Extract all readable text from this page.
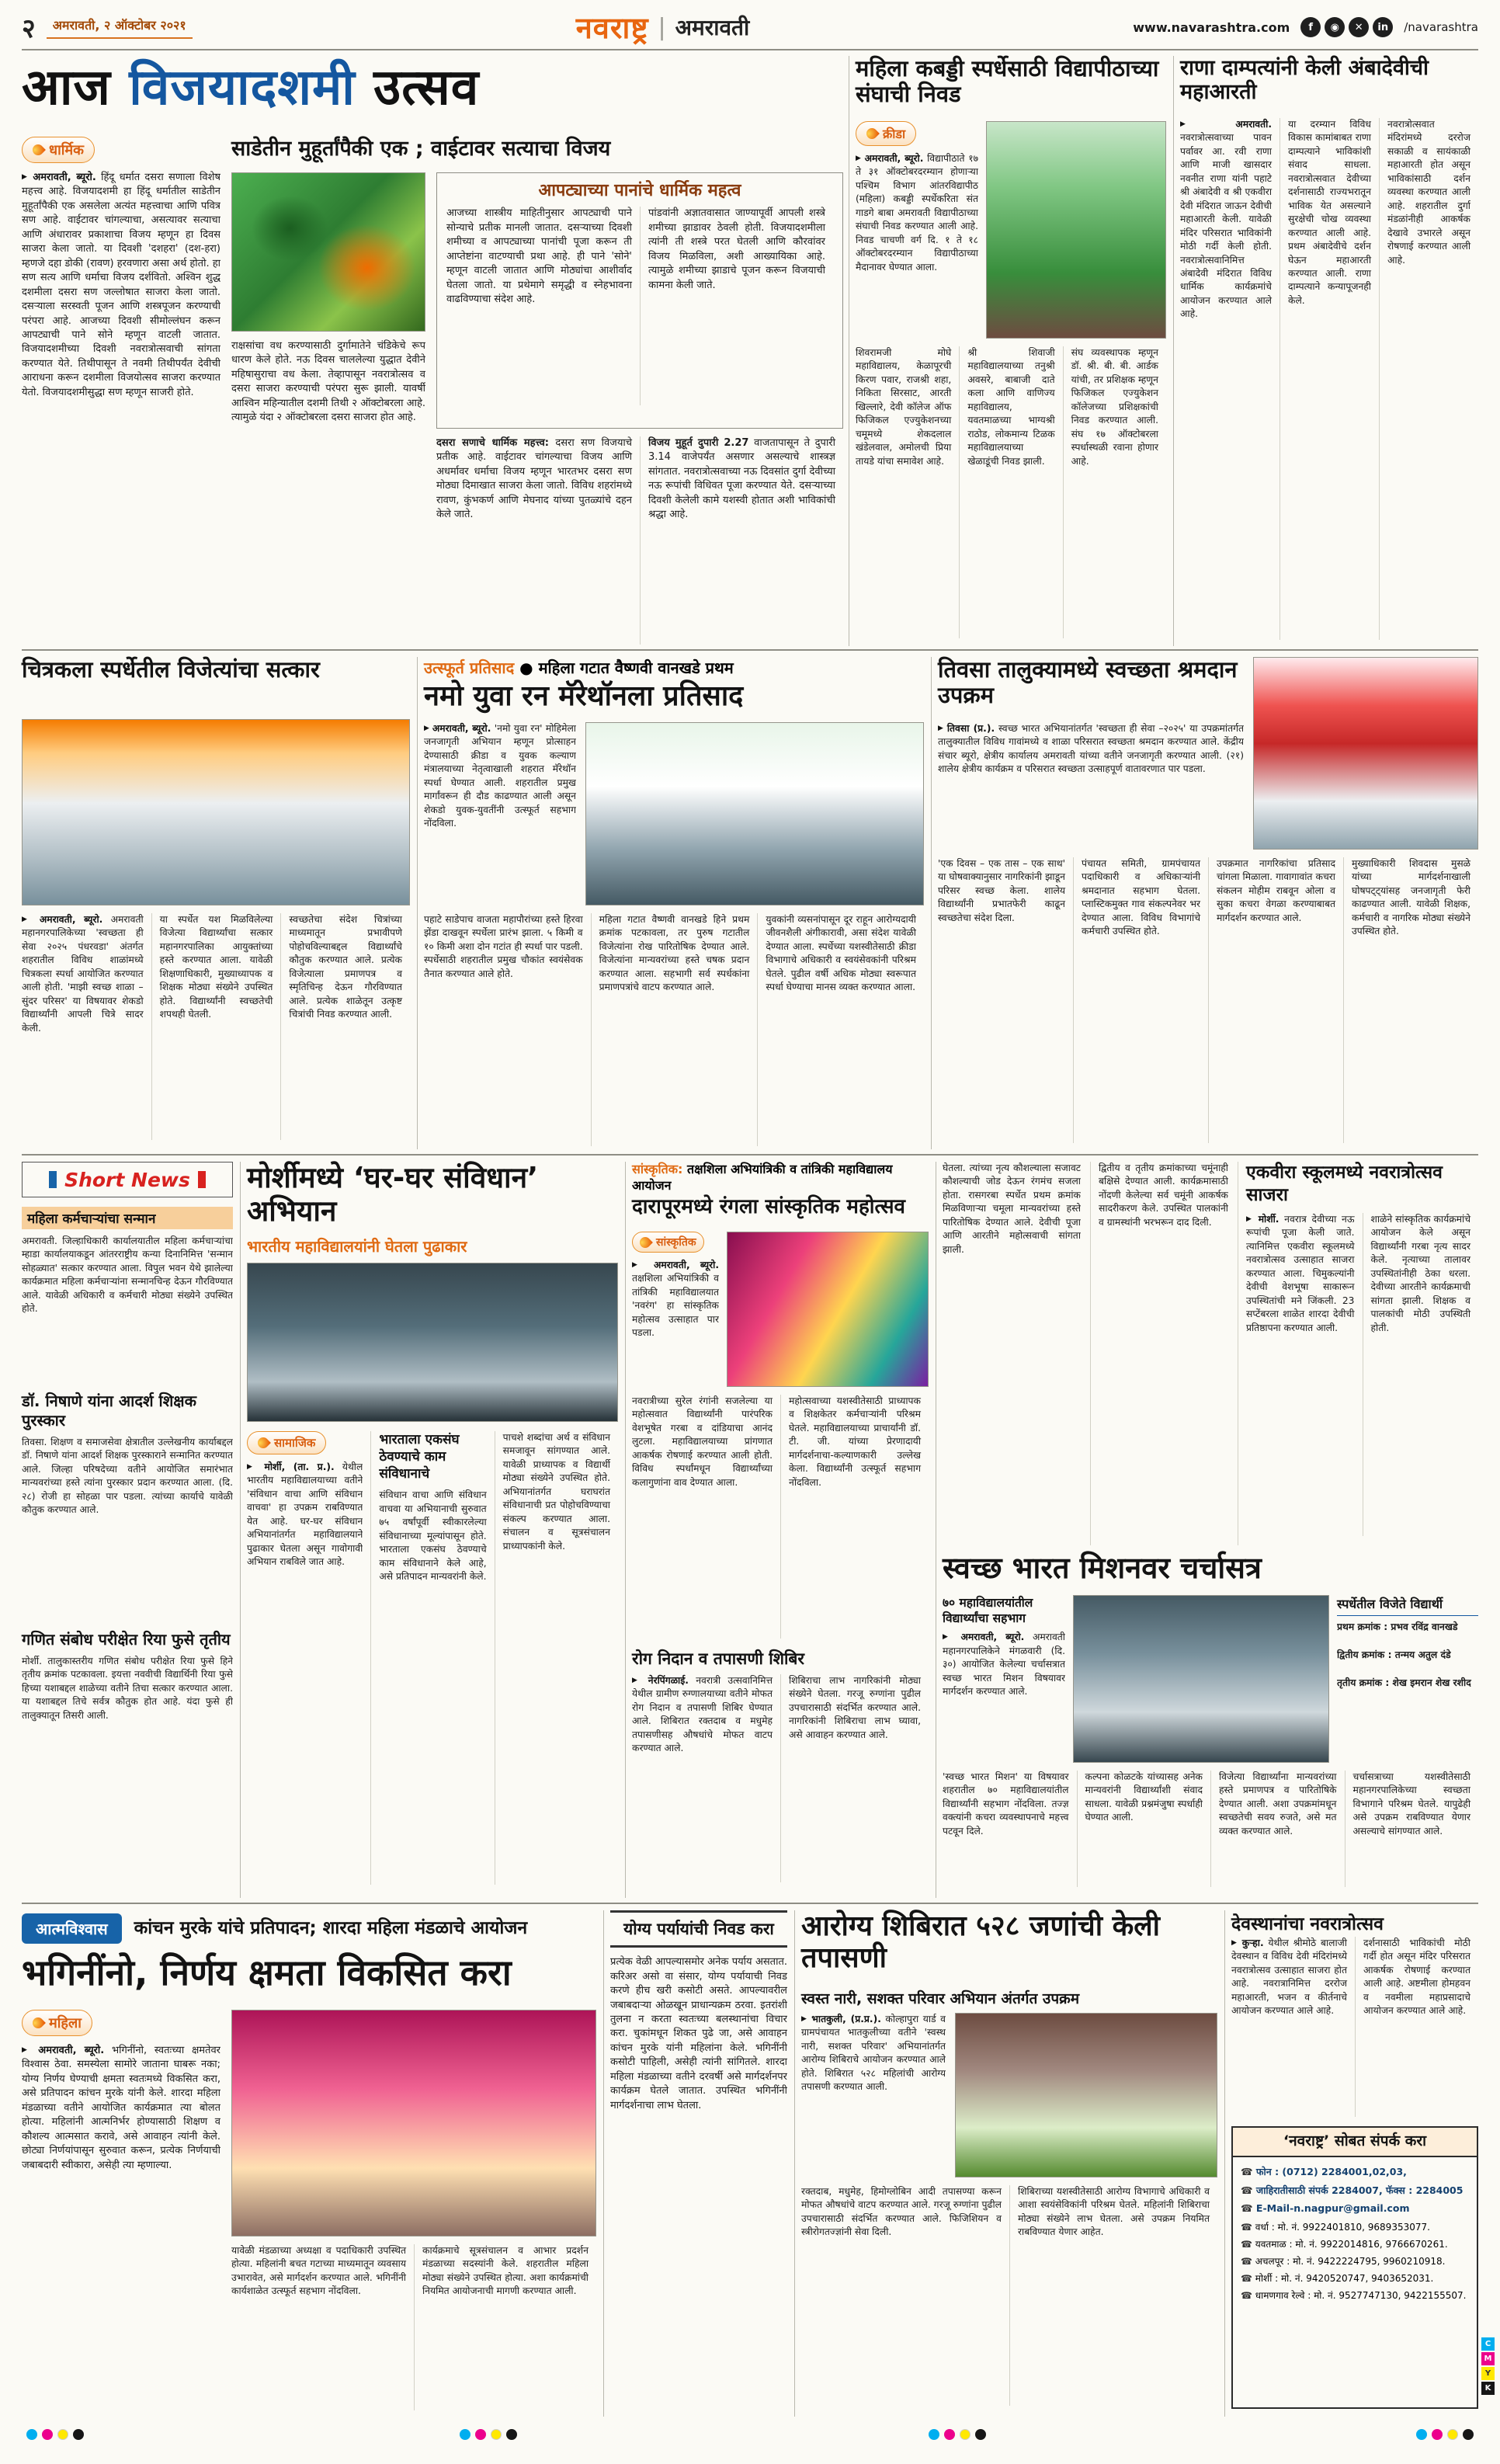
२	अमरावती, २ ऑक्टोबर २०२१	नवराष्ट्र | अमरावती	www.navarashtra.com	f	◉	✕	in	/navarashtra
आज विजयादशमी उत्सव
धार्मिक
▶ अमरावती, ब्यूरो. हिंदू धर्मात दसरा सणाला विशेष महत्त्व आहे. विजयादशमी हा हिंदू धर्मातील साडेतीन मुहूर्तांपैकी एक असलेला अत्यंत महत्त्वाचा आणि पवित्र सण आहे. वाईटावर चांगल्याचा, असत्यावर सत्याचा आणि अंधारावर प्रकाशाचा विजय म्हणून हा दिवस साजरा केला जातो. या दिवशी 'दशहरा' (दश-हरा) म्हणजे दहा डोकी (रावण) हरवणारा असा अर्थ होतो. हा सण सत्य आणि धर्माचा विजय दर्शवितो. अश्विन शुद्ध दशमीला दसरा सण जल्लोषात साजरा केला जातो. दसऱ्याला सरस्वती पूजन आणि शस्त्रपूजन करण्याची परंपरा आहे. आजच्या दिवशी सीमोल्लंघन करून आपट्याची पाने सोने म्हणून वाटली जातात. विजयादशमीच्या दिवशी नवरात्रोत्सवाची सांगता करण्यात येते. तिथीपासून ते नवमी तिथीपर्यंत देवीची आराधना करून दशमीला विजयोत्सव साजरा करण्यात येतो. विजयादशमीसुद्धा सण म्हणून साजरी होते.
साडेतीन मुहूर्तांपैकी एक ; वाईटावर सत्याचा विजय
राक्षसांचा वध करण्यासाठी दुर्गामातेने चंडिकेचे रूप धारण केले होते. नऊ दिवस चाललेल्या युद्धात देवीने महिषासुराचा वध केला. तेव्हापासून नवरात्रोत्सव व दसरा साजरा करण्याची परंपरा सुरू झाली. यावर्षी आश्विन महिन्यातील दशमी तिथी २ ऑक्टोबरला आहे. त्यामुळे यंदा २ ऑक्टोबरला दसरा साजरा होत आहे.
आपट्याच्या पानांचे धार्मिक महत्व
आजच्या शास्त्रीय माहितीनुसार आपट्याची पाने सोन्याचे प्रतीक मानली जातात. दसऱ्याच्या दिवशी शमीच्या व आपट्याच्या पानांची पूजा करून ती आप्तेष्टांना वाटण्याची प्रथा आहे. ही पाने 'सोने' म्हणून वाटली जातात आणि मोठ्यांचा आशीर्वाद घेतला जातो. या प्रथेमागे समृद्धी व स्नेहभावना वाढविण्याचा संदेश आहे.
पांडवांनी अज्ञातवासात जाण्यापूर्वी आपली शस्त्रे शमीच्या झाडावर ठेवली होती. विजयादशमीला त्यांनी ती शस्त्रे परत घेतली आणि कौरवांवर विजय मिळविला, अशी आख्यायिका आहे. त्यामुळे शमीच्या झाडाचे पूजन करून विजयाची कामना केली जाते.
दसरा सणाचे धार्मिक महत्त्व: दसरा सण विजयाचे प्रतीक आहे. वाईटावर चांगल्याचा विजय आणि अधर्मावर धर्माचा विजय म्हणून भारतभर दसरा सण मोठ्या दिमाखात साजरा केला जातो. विविध शहरांमध्ये रावण, कुंभकर्ण आणि मेघनाद यांच्या पुतळ्यांचे दहन केले जाते.
विजय मुहूर्त दुपारी 2.27 वाजतापासून ते दुपारी 3.14 वाजेपर्यंत असणार असल्याचे शास्त्रज्ञ सांगतात. नवरात्रोत्सवाच्या नऊ दिवसांत दुर्गा देवीच्या नऊ रूपांची विधिवत पूजा करण्यात येते. दसऱ्याच्या दिवशी केलेली कामे यशस्वी होतात अशी भाविकांची श्रद्धा आहे.
महिला कबड्डी स्पर्धेसाठी विद्यापीठाच्या संघाची निवड
क्रीडा
▶ अमरावती, ब्यूरो. विद्यापीठाते १७ ते ३१ ऑक्टोबरदरम्यान होणाऱ्या पश्चिम विभाग आंतरविद्यापीठ (महिला) कबड्डी स्पर्धेकरिता संत गाडगे बाबा अमरावती विद्यापीठाच्या संघाची निवड करण्यात आली आहे. निवड चाचणी वर्ग दि. १ ते १८ ऑक्टोबरदरम्यान विद्यापीठाच्या मैदानावर घेण्यात आला.
शिवरामजी मोघे महाविद्यालय, केळापूरची किरण पवार, राजश्री शहा, निकिता सिरसाट, आरती खिल्लारे, देवी कॉलेज ऑफ फिजिकल एज्युकेशनच्या चमूमध्ये शेकदलाल खंडेलवाल, अमोलची प्रिया तायडे यांचा समावेश आहे.
श्री शिवाजी महाविद्यालयाच्या तनुश्री अवसरे, बाबाजी दाते कला आणि वाणिज्य महाविद्यालय, यवतमाळच्या भाग्यश्री राठोड, लोकमान्य टिळक महाविद्यालयाच्या खेळाडूंची निवड झाली.
संघ व्यवस्थापक म्हणून डॉ. श्री. बी. बी. आर्डक यांची, तर प्रशिक्षक म्हणून फिजिकल एज्युकेशन कॉलेजच्या प्रशिक्षकांची निवड करण्यात आली. संघ १७ ऑक्टोबरला स्पर्धास्थळी रवाना होणार आहे.
राणा दाम्पत्यांनी केली अंबादेवीची महाआरती
▶ अमरावती. नवरात्रोत्सवाच्या पावन पर्वावर आ. रवी राणा आणि माजी खासदार नवनीत राणा यांनी पहाटे श्री अंबादेवी व श्री एकवीरा देवी मंदिरात जाऊन देवीची महाआरती केली. यावेळी मंदिर परिसरात भाविकांनी मोठी गर्दी केली होती. नवरात्रोत्सवानिमित्त अंबादेवी मंदिरात विविध धार्मिक कार्यक्रमांचे आयोजन करण्यात आले आहे.
या दरम्यान विविध विकास कामांबाबत राणा दाम्पत्याने भाविकांशी संवाद साधला. नवरात्रोत्सवात देवीच्या दर्शनासाठी राज्यभरातून भाविक येत असल्याने सुरक्षेची चोख व्यवस्था करण्यात आली आहे. प्रथम अंबादेवीचे दर्शन घेऊन महाआरती करण्यात आली. राणा दाम्पत्याने कन्यापूजनही केले.
नवरात्रोत्सवात मंदिरांमध्ये दररोज सकाळी व सायंकाळी महाआरती होत असून भाविकांसाठी दर्शन व्यवस्था करण्यात आली आहे. शहरातील दुर्गा मंडळांनीही आकर्षक देखावे उभारले असून रोषणाई करण्यात आली आहे.
चित्रकला स्पर्धेतील विजेत्यांचा सत्कार
▶ अमरावती, ब्यूरो. अमरावती महानगरपालिकेच्या 'स्वच्छता ही सेवा २०२५ पंधरवडा' अंतर्गत शहरातील विविध शाळांमध्ये चित्रकला स्पर्धा आयोजित करण्यात आली होती. 'माझी स्वच्छ शाळा – सुंदर परिसर' या विषयावर शेकडो विद्यार्थ्यांनी आपली चित्रे सादर केली.
या स्पर्धेत यश मिळविलेल्या विजेत्या विद्यार्थ्यांचा सत्कार महानगरपालिका आयुक्तांच्या हस्ते करण्यात आला. यावेळी शिक्षणाधिकारी, मुख्याध्यापक व शिक्षक मोठ्या संख्येने उपस्थित होते. विद्यार्थ्यांनी स्वच्छतेची शपथही घेतली.
स्वच्छतेचा संदेश चित्रांच्या माध्यमातून प्रभावीपणे पोहोचविल्याबद्दल विद्यार्थ्यांचे कौतुक करण्यात आले. प्रत्येक विजेत्याला प्रमाणपत्र व स्मृतिचिन्ह देऊन गौरविण्यात आले. प्रत्येक शाळेतून उत्कृष्ट चित्रांची निवड करण्यात आली.
उत्स्फूर्त प्रतिसाद ● महिला गटात वैष्णवी वानखडे प्रथम
नमो युवा रन मॅरेथॉनला प्रतिसाद
▶ अमरावती, ब्यूरो. 'नमो युवा रन' मोहिमेला जनजागृती अभियान म्हणून प्रोत्साहन देण्यासाठी क्रीडा व युवक कल्याण मंत्रालयाच्या नेतृत्वाखाली शहरात मॅरेथॉन स्पर्धा घेण्यात आली. शहरातील प्रमुख मार्गांवरून ही दौड काढण्यात आली असून शेकडो युवक-युवतींनी उत्स्फूर्त सहभाग नोंदविला.
पहाटे साडेपाच वाजता महापौरांच्या हस्ते हिरवा झेंडा दाखवून स्पर्धेला प्रारंभ झाला. ५ किमी व १० किमी अशा दोन गटांत ही स्पर्धा पार पडली. स्पर्धेसाठी शहरातील प्रमुख चौकांत स्वयंसेवक तैनात करण्यात आले होते.
महिला गटात वैष्णवी वानखडे हिने प्रथम क्रमांक पटकावला, तर पुरुष गटातील विजेत्यांना रोख पारितोषिक देण्यात आले. विजेत्यांना मान्यवरांच्या हस्ते चषक प्रदान करण्यात आला. सहभागी सर्व स्पर्धकांना प्रमाणपत्रांचे वाटप करण्यात आले.
युवकांनी व्यसनांपासून दूर राहून आरोग्यदायी जीवनशैली अंगीकारावी, असा संदेश यावेळी देण्यात आला. स्पर्धेच्या यशस्वीतेसाठी क्रीडा विभागाचे अधिकारी व स्वयंसेवकांनी परिश्रम घेतले. पुढील वर्षी अधिक मोठ्या स्वरूपात स्पर्धा घेण्याचा मानस व्यक्त करण्यात आला.
तिवसा तालुक्यामध्ये स्वच्छता श्रमदान उपक्रम
▶ तिवसा (प्र.). स्वच्छ भारत अभियानांतर्गत 'स्वच्छता ही सेवा –२०२५' या उपक्रमांतर्गत तालुक्यातील विविध गावांमध्ये व शाळा परिसरात स्वच्छता श्रमदान करण्यात आले. केंद्रीय संचार ब्यूरो, क्षेत्रीय कार्यालय अमरावती यांच्या वतीने जनजागृती करण्यात आली. (२१) शालेय क्षेत्रीय कार्यक्रम व परिसरात स्वच्छता उत्साहपूर्ण वातावरणात पार पडला.
'एक दिवस – एक तास – एक साथ' या घोषवाक्यानुसार नागरिकांनी झाडून परिसर स्वच्छ केला. शालेय विद्यार्थ्यांनी प्रभातफेरी काढून स्वच्छतेचा संदेश दिला.
पंचायत समिती, ग्रामपंचायत पदाधिकारी व अधिकाऱ्यांनी श्रमदानात सहभाग घेतला. प्लास्टिकमुक्त गाव संकल्पनेवर भर देण्यात आला. विविध विभागांचे कर्मचारी उपस्थित होते.
उपक्रमात नागरिकांचा प्रतिसाद चांगला मिळाला. गावागावांत कचरा संकलन मोहीम राबवून ओला व सुका कचरा वेगळा करण्याबाबत मार्गदर्शन करण्यात आले.
मुख्याधिकारी शिवदास मुसळे यांच्या मार्गदर्शनाखाली घोषपट्ट्यांसह जनजागृती फेरी काढण्यात आली. यावेळी शिक्षक, कर्मचारी व नागरिक मोठ्या संख्येने उपस्थित होते.
Short News
महिला कर्मचाऱ्यांचा सन्मान
अमरावती. जिल्हाधिकारी कार्यालयातील महिला कर्मचाऱ्यांचा म्हाडा कार्यालयाकडून आंतरराष्ट्रीय कन्या दिनानिमित्त 'सन्मान सोहळ्यात' सत्कार करण्यात आला. विपुल भवन येथे झालेल्या कार्यक्रमात महिला कर्मचाऱ्यांना सन्मानचिन्ह देऊन गौरविण्यात आले. यावेळी अधिकारी व कर्मचारी मोठ्या संख्येने उपस्थित होते.
डॉ. निषाणे यांना आदर्श शिक्षक पुरस्कार
तिवसा. शिक्षण व समाजसेवा क्षेत्रातील उल्लेखनीय कार्याबद्दल डॉ. निषाणे यांना आदर्श शिक्षक पुरस्काराने सन्मानित करण्यात आले. जिल्हा परिषदेच्या वतीने आयोजित समारंभात मान्यवरांच्या हस्ते त्यांना पुरस्कार प्रदान करण्यात आला. (दि. २८) रोजी हा सोहळा पार पडला. त्यांच्या कार्याचे यावेळी कौतुक करण्यात आले.
गणित संबोध परीक्षेत रिया फुसे तृतीय
मोर्शी. तालुकास्तरीय गणित संबोध परीक्षेत रिया फुसे हिने तृतीय क्रमांक पटकावला. इयत्ता नववीची विद्यार्थिनी रिया फुसे हिच्या यशाबद्दल शाळेच्या वतीने तिचा सत्कार करण्यात आला. या यशाबद्दल तिचे सर्वत्र कौतुक होत आहे. यंदा फुसे ही तालुक्यातून तिसरी आली.
मोर्शीमध्ये ‘घर-घर संविधान’ अभियान
भारतीय महाविद्यालयांनी घेतला पुढाकार
सामाजिक
▶ मोर्शी, (ता. प्र.). येथील भारतीय महाविद्यालयाच्या वतीने 'संविधान वाचा आणि संविधान वाचवा' हा उपक्रम राबविण्यात येत आहे. घर-घर संविधान अभियानांतर्गत महाविद्यालयाने पुढाकार घेतला असून गावोगावी अभियान राबविले जात आहे.
भारताला एकसंघ ठेवण्याचे काम संविधानाचे
संविधान वाचा आणि संविधान वाचवा या अभियानाची सुरुवात ७५ वर्षांपूर्वी स्वीकारलेल्या संविधानाच्या मूल्यांपासून होते. भारताला एकसंघ ठेवण्याचे काम संविधानाने केले आहे, असे प्रतिपादन मान्यवरांनी केले.
पाचशे शब्दांचा अर्थ व संविधान समजावून सांगण्यात आले. यावेळी प्राध्यापक व विद्यार्थी मोठ्या संख्येने उपस्थित होते. अभियानांतर्गत घराघरांत संविधानाची प्रत पोहोचविण्याचा संकल्प करण्यात आला. संचालन व सूत्रसंचालन प्राध्यापकांनी केले.
सांस्कृतिक: तक्षशिला अभियांत्रिकी व तांत्रिकी महाविद्यालय आयोजन
दारापूरमध्ये रंगला सांस्कृतिक महोत्सव
सांस्कृतिक
▶ अमरावती, ब्यूरो. तक्षशिला अभियांत्रिकी व तांत्रिकी महाविद्यालयात 'नवरंग' हा सांस्कृतिक महोत्सव उत्साहात पार पडला.
नवरात्रीच्या सुरेल रंगांनी सजलेल्या या महोत्सवात विद्यार्थ्यांनी पारंपरिक वेशभूषेत गरबा व दांडियाचा आनंद लुटला. महाविद्यालयाच्या प्रांगणात आकर्षक रोषणाई करण्यात आली होती. विविध स्पर्धांमधून विद्यार्थ्यांच्या कलागुणांना वाव देण्यात आला.
महोत्सवाच्या यशस्वीतेसाठी प्राध्यापक व शिक्षकेतर कर्मचाऱ्यांनी परिश्रम घेतले. महाविद्यालयाच्या प्राचार्यांनी डॉ. टी. जी. यांच्या प्रेरणादायी मार्गदर्शनाचा-कल्याणकारी उल्लेख केला. विद्यार्थ्यांनी उत्स्फूर्त सहभाग नोंदविला.
रोग निदान व तपासणी शिबिर
▶ नेरपिंगळाई. नवरात्री उत्सवानिमित्त येथील ग्रामीण रुग्णालयाच्या वतीने मोफत रोग निदान व तपासणी शिबिर घेण्यात आले. शिबिरात रक्तदाब व मधुमेह तपासणीसह औषधांचे मोफत वाटप करण्यात आले.
शिबिराचा लाभ नागरिकांनी मोठ्या संख्येने घेतला. गरजू रुग्णांना पुढील उपचारासाठी संदर्भित करण्यात आले. नागरिकांनी शिबिराचा लाभ घ्यावा, असे आवाहन करण्यात आले.
घेतला. त्यांच्या नृत्य कौशल्याला सजावट कौशल्याची जोड देऊन रंगमंच सजला होता. रासगरबा स्पर्धेत प्रथम क्रमांक मिळविणाऱ्या चमूला मान्यवरांच्या हस्ते पारितोषिक देण्यात आले. देवीची पूजा आणि आरतीने महोत्सवाची सांगता झाली.
द्वितीय व तृतीय क्रमांकाच्या चमूंनाही बक्षिसे देण्यात आली. कार्यक्रमासाठी नोंदणी केलेल्या सर्व चमूंनी आकर्षक सादरीकरण केले. उपस्थित पालकांनी व ग्रामस्थांनी भरभरून दाद दिली.
एकवीरा स्कूलमध्ये नवरात्रोत्सव साजरा
▶ मोर्शी. नवरात्र देवीच्या नऊ रूपांची पूजा केली जाते. त्यानिमित्त एकवीरा स्कूलमध्ये नवरात्रोत्सव उत्साहात साजरा करण्यात आला. चिमुकल्यांनी देवीची वेशभूषा साकारून उपस्थितांची मने जिंकली. 23 सप्टेंबरला शाळेत शारदा देवीची प्रतिष्ठापना करण्यात आली.
शाळेने सांस्कृतिक कार्यक्रमांचे आयोजन केले असून विद्यार्थ्यांनी गरबा नृत्य सादर केले. नृत्याच्या तालावर उपस्थितांनीही ठेका धरला. देवीच्या आरतीने कार्यक्रमाची सांगता झाली. शिक्षक व पालकांची मोठी उपस्थिती होती.
स्वच्छ भारत मिशनवर चर्चासत्र
७० महाविद्यालयांतील विद्यार्थ्यांचा सहभाग
▶ अमरावती, ब्यूरो. अमरावती महानगरपालिकेने मंगळवारी (दि. ३०) आयोजित केलेल्या चर्चासत्रात स्वच्छ भारत मिशन विषयावर मार्गदर्शन करण्यात आले.
स्पर्धेतील विजेते विद्यार्थी
प्रथम क्रमांक : प्रभव रविंद्र वानखडे
द्वितीय क्रमांक : तन्मय अतुल दंडे
तृतीय क्रमांक : शेख इमरान शेख रशीद
'स्वच्छ भारत मिशन' या विषयावर शहरातील ७० महाविद्यालयांतील विद्यार्थ्यांनी सहभाग नोंदविला. तज्ज्ञ वक्त्यांनी कचरा व्यवस्थापनाचे महत्त्व पटवून दिले.
कल्पना कोळटके यांच्यासह अनेक मान्यवरांनी विद्यार्थ्यांशी संवाद साधला. यावेळी प्रश्नमंजुषा स्पर्धाही घेण्यात आली.
विजेत्या विद्यार्थ्यांना मान्यवरांच्या हस्ते प्रमाणपत्र व पारितोषिके देण्यात आली. अशा उपक्रमांमधून स्वच्छतेची सवय रुजते, असे मत व्यक्त करण्यात आले.
चर्चासत्राच्या यशस्वीतेसाठी महानगरपालिकेच्या स्वच्छता विभागाने परिश्रम घेतले. यापुढेही असे उपक्रम राबविण्यात येणार असल्याचे सांगण्यात आले.
आत्मविश्वास	कांचन मुरके यांचे प्रतिपादन; शारदा महिला मंडळाचे आयोजन
भगिनींनो, निर्णय क्षमता विकसित करा
महिला
▶ अमरावती, ब्यूरो. भगिनींनो, स्वतःच्या क्षमतेवर विश्वास ठेवा. समस्येला सामोरे जाताना घाबरू नका; योग्य निर्णय घेण्याची क्षमता स्वतःमध्ये विकसित करा, असे प्रतिपादन कांचन मुरके यांनी केले. शारदा महिला मंडळाच्या वतीने आयोजित कार्यक्रमात त्या बोलत होत्या. महिलांनी आत्मनिर्भर होण्यासाठी शिक्षण व कौशल्य आत्मसात करावे, असे आवाहन त्यांनी केले. छोट्या निर्णयांपासून सुरुवात करून, प्रत्येक निर्णयाची जबाबदारी स्वीकारा, असेही त्या म्हणाल्या.
यावेळी मंडळाच्या अध्यक्षा व पदाधिकारी उपस्थित होत्या. महिलांनी बचत गटाच्या माध्यमातून व्यवसाय उभारावेत, असे मार्गदर्शन करण्यात आले. भगिनींनी कार्यशाळेत उत्स्फूर्त सहभाग नोंदविला.
कार्यक्रमाचे सूत्रसंचालन व आभार प्रदर्शन मंडळाच्या सदस्यांनी केले. शहरातील महिला मोठ्या संख्येने उपस्थित होत्या. अशा कार्यक्रमांची नियमित आयोजनाची मागणी करण्यात आली.
योग्य पर्यायांची निवड करा
प्रत्येक वेळी आपल्यासमोर अनेक पर्याय असतात. करिअर असो वा संसार, योग्य पर्यायाची निवड करणे हीच खरी कसोटी असते. आपल्यावरील जबाबदाऱ्या ओळखून प्राधान्यक्रम ठरवा. इतरांशी तुलना न करता स्वतःच्या बलस्थानांचा विचार करा. चुकांमधून शिकत पुढे जा, असे आवाहन कांचन मुरके यांनी महिलांना केले. भगिनींनी कसोटी पाहिली, असेही त्यांनी सांगितले. शारदा महिला मंडळाच्या वतीने दरवर्षी असे मार्गदर्शनपर कार्यक्रम घेतले जातात. उपस्थित भगिनींनी मार्गदर्शनाचा लाभ घेतला.
आरोग्य शिबिरात ५२८ जणांची केली तपासणी
स्वस्त नारी, सशक्त परिवार अभियान अंतर्गत उपक्रम
▶ भातकुली, (प्र.प्र.). कोल्हापुरा यार्ड व ग्रामपंचायत भातकुलीच्या वतीने 'स्वस्थ नारी, सशक्त परिवार' अभियानांतर्गत आरोग्य शिबिराचे आयोजन करण्यात आले होते. शिबिरात ५२८ महिलांची आरोग्य तपासणी करण्यात आली.
रक्तदाब, मधुमेह, हिमोग्लोबिन आदी तपासण्या करून मोफत औषधांचे वाटप करण्यात आले. गरजू रुग्णांना पुढील उपचारासाठी संदर्भित करण्यात आले. फिजिशियन व स्त्रीरोगतज्ज्ञांनी सेवा दिली.
शिबिराच्या यशस्वीतेसाठी आरोग्य विभागाचे अधिकारी व आशा स्वयंसेविकांनी परिश्रम घेतले. महिलांनी शिबिराचा मोठ्या संख्येने लाभ घेतला. असे उपक्रम नियमित राबविण्यात येणार आहेत.
देवस्थानांचा नवरात्रोत्सव
▶ कुऱ्हा. येथील श्रीमोठे बालाजी देवस्थान व विविध देवी मंदिरांमध्ये नवरात्रोत्सव उत्साहात साजरा होत आहे. नवरात्रानिमित्त दररोज महाआरती, भजन व कीर्तनाचे आयोजन करण्यात आले आहे.
दर्शनासाठी भाविकांची मोठी गर्दी होत असून मंदिर परिसरात आकर्षक रोषणाई करण्यात आली आहे. अष्टमीला होमहवन व नवमीला महाप्रसादाचे आयोजन करण्यात आले आहे.
‘नवराष्ट्र’ सोबत संपर्क करा
☎ फोन : (0712) 2284001,02,03,
☎ जाहिरातीसाठी संपर्क 2284007, फॅक्स : 2284005
☎ E-Mail-n.nagpur@gmail.com
☎ वर्धा : मो. नं. 9922401810, 9689353077.
☎ यवतमाळ : मो. नं. 9922014816, 9766670261.
☎ अचलपूर : मो. नं. 9422224795, 9960210918.
☎ मोर्शी : मो. नं. 9420520747, 9403652031.
☎ धामणगाव रेल्वे : मो. नं. 9527747130, 9422155507.
C
M
Y
K
